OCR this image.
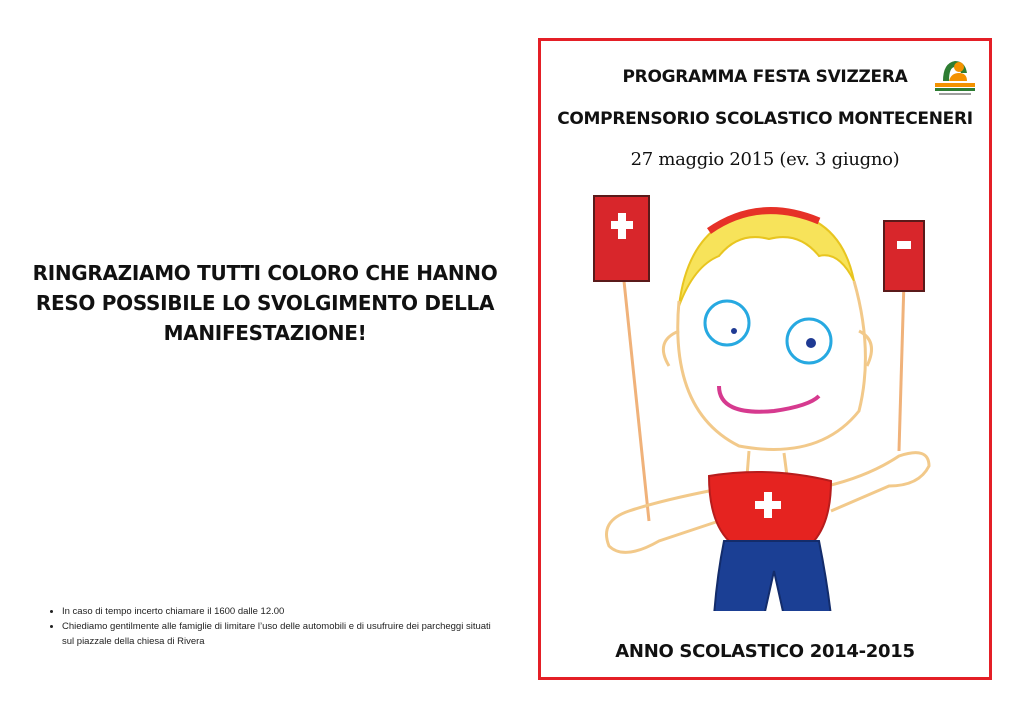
RINGRAZIAMO TUTTI COLORO CHE HANNO RESO POSSIBILE LO SVOLGIMENTO DELLA MANIFESTAZIONE!
• In caso di tempo incerto chiamare il 1600 dalle 12.00
• Chiediamo gentilmente alle famiglie di limitare l’uso delle automobili e di usufruire dei parcheggi situati sul piazzale della chiesa di Rivera
PROGRAMMA FESTA SVIZZERA
COMPRENSORIO SCOLASTICO MONTECENERI
27 maggio 2015 (ev. 3 giugno)
ANNO SCOLASTICO 2014-2015
